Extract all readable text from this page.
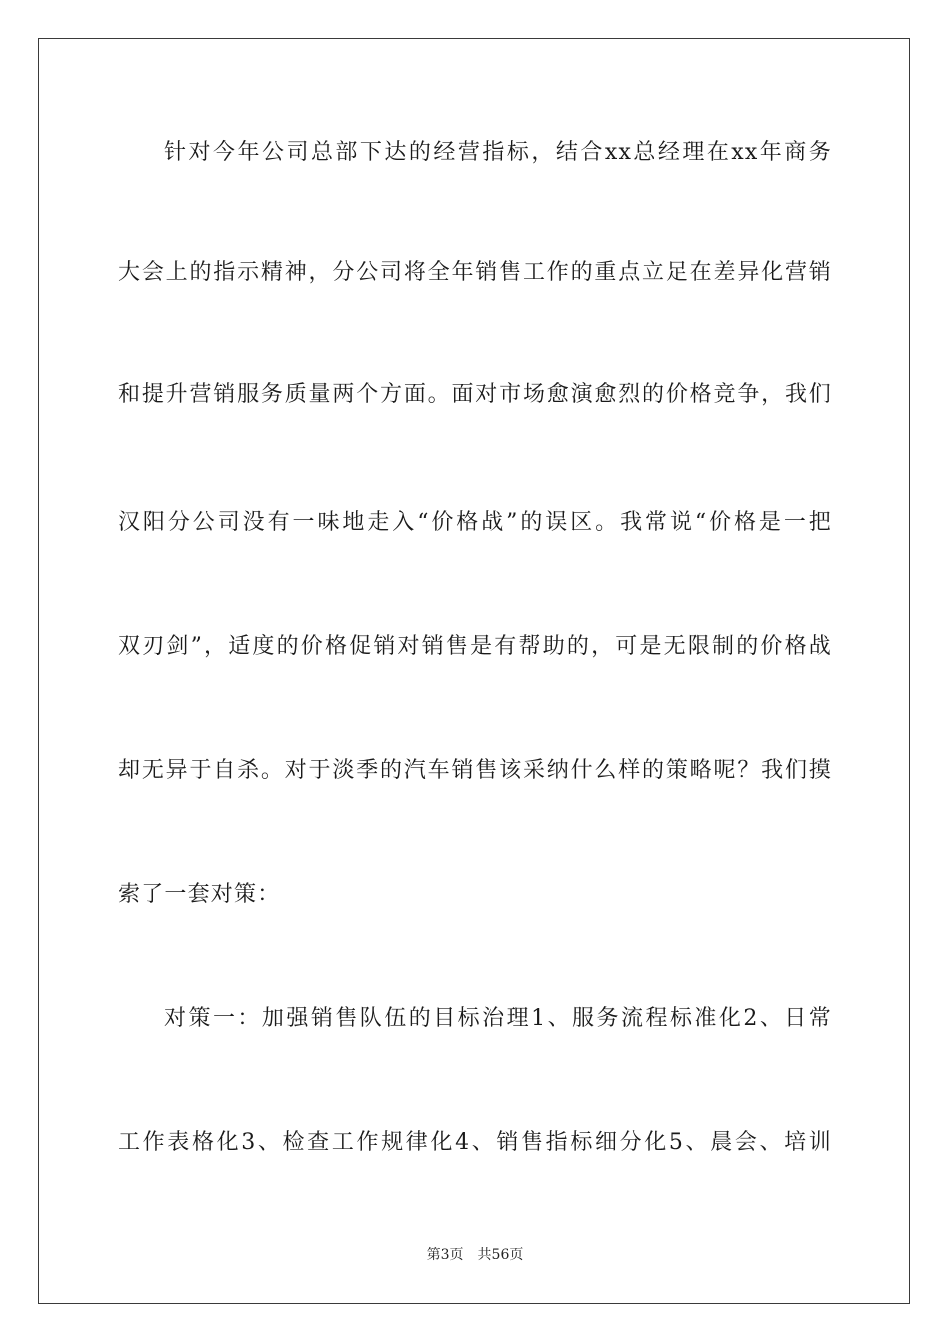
针对今年公司总部下达的经营指标，结合xx总经理在xx年商务
大会上的指示精神，分公司将全年销售工作的重点立足在差异化营销
和提升营销服务质量两个方面。面对市场愈演愈烈的价格竞争，我们
汉阳分公司没有一味地走入“价格战”的误区。我常说“价格是一把
双刃剑”，适度的价格促销对销售是有帮助的，可是无限制的价格战
却无异于自杀。对于淡季的汽车销售该采纳什么样的策略呢？我们摸
索了一套对策：
对策一：加强销售队伍的目标治理1、服务流程标准化2、日常
工作表格化3、检查工作规律化4、销售指标细分化5、晨会、培训
第3页　共56页
